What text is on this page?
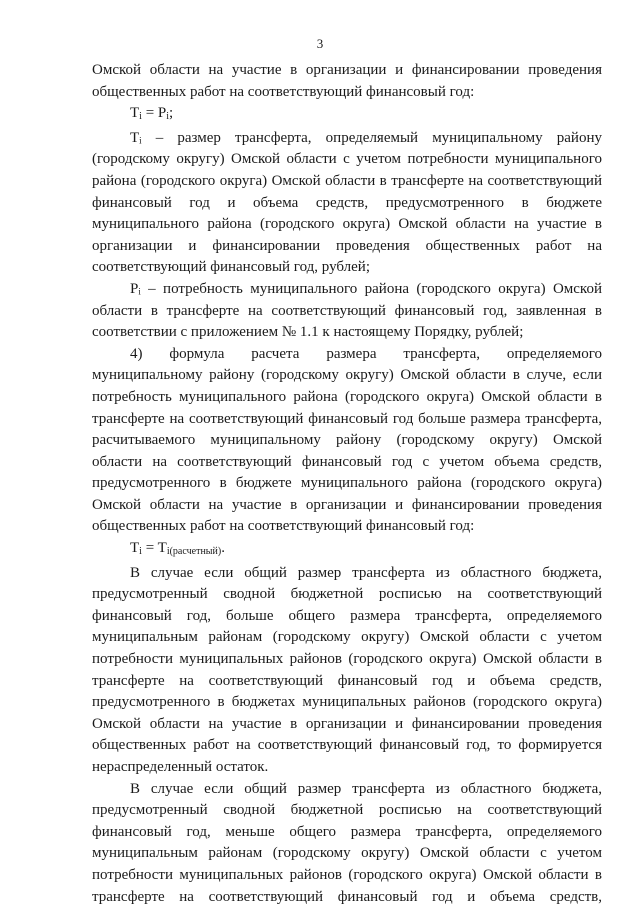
3

Омской области на участие в организации и финансировании проведения

общественных работ на соответствующий финансовый год:

$T_i = P_i$;

Tᵢ – размер трансферта, определяемый муниципальному району

(городскому округу) Омской области с учетом потребности муниципального

района (городского округа) Омской области в трансферте на соответствующий

финансовый год и объема средств, предусмотренного в бюджете

муниципального района (городского округа) Омской области на участие в

организации и финансировании проведения общественных работ на

соответствующий финансовый год, рублей;

Pᵢ – потребность муниципального района (городского округа) Омской

области в трансферте на соответствующий финансовый год, заявленная в

соответствии с приложением № 1.1 к настоящему Порядку, рублей;

4) формула расчета размера трансферта, определяемого

муниципальному району (городскому округу) Омской области в случе, если

потребность муниципального района (городского округа) Омской области в

трансферте на соответствующий финансовый год больше размера трансферта,

расчитываемого муниципальному району (городскому округу) Омской

области на соответствующий финансовый год с учетом объема средств,

предусмотренного в бюджете муниципального района (городского округа)

Омской области на участие в организации и финансировании проведения

общественных работ на соответствующий финансовый год:

$T_i = T_{i(расчетный)}$.

В случае если общий размер трансферта из областного бюджета,

предусмотренный сводной бюджетной росписью на соответствующий

финансовый год, больше общего размера трансферта, определяемого

муниципальным районам (городскому округу) Омской области с учетом

потребности муниципальных районов (городского округа) Омской области в

трансферте на соответствующий финансовый год и объема средств,

предусмотренного в бюджетах муниципальных районов (городского округа)

Омской области на участие в организации и финансировании проведения

общественных работ на соответствующий финансовый год, то формируется

нераспределенный остаток.

В случае если общий размер трансферта из областного бюджета,

предусмотренный сводной бюджетной росписью на соответствующий

финансовый год, меньше общего размера трансферта, определяемого

муниципальным районам (городскому округу) Омской области с учетом

потребности муниципальных районов (городского округа) Омской области в

трансферте на соответствующий финансовый год и объема средств,
